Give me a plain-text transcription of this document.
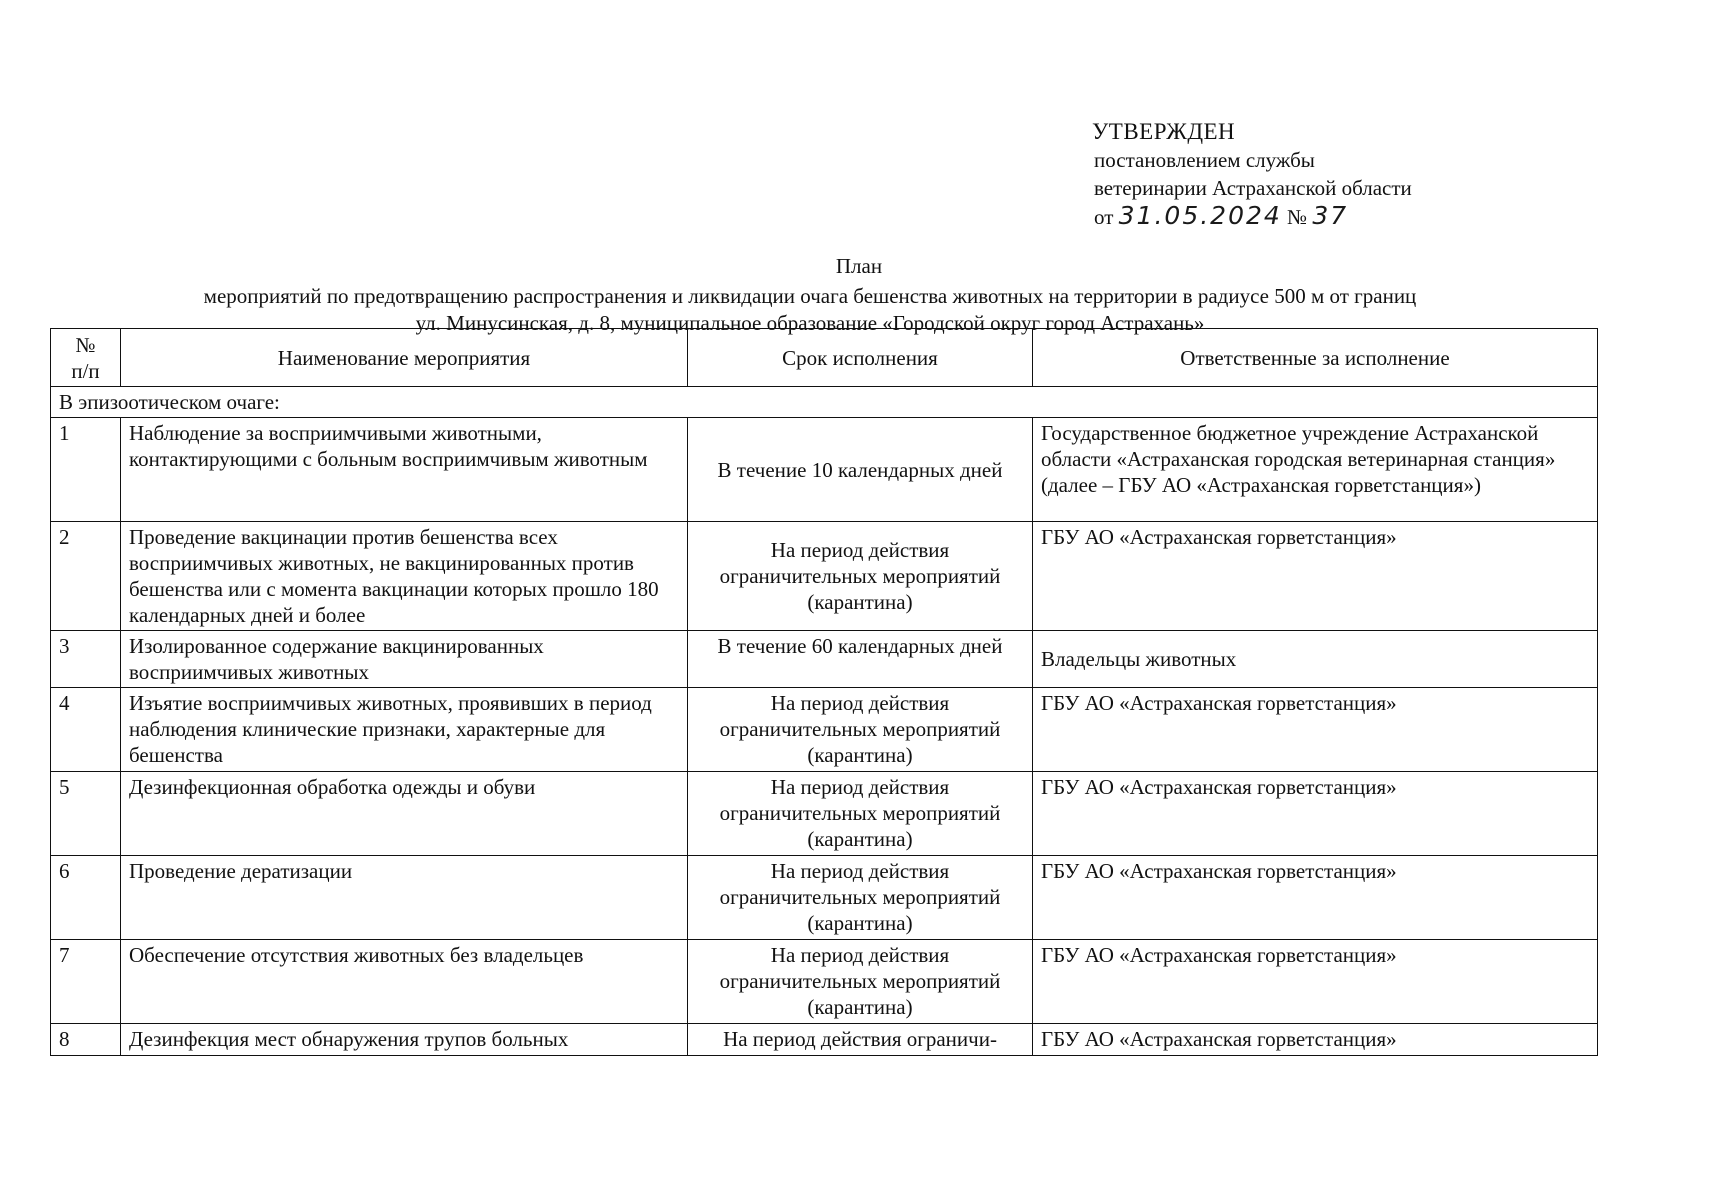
УТВЕРЖДЕН
постановлением службы
ветеринарии Астраханской области
от 31.05.2024 № 37
План
мероприятий по предотвращению распространения и ликвидации очага бешенства животных на территории в радиусе 500 м от границ
ул. Минусинская, д. 8, муниципальное образование «Городской округ город Астрахань»
№
п/п	Наименование мероприятия	Срок исполнения	Ответственные за исполнение
В эпизоотическом очаге:			
1	Наблюдение за восприимчивыми животными, контактирующими с больным восприимчивым животным	В течение 10 календарных дней	Государственное бюджетное учреждение Астраханской области «Астраханская городская ветеринарная станция» (далее – ГБУ АО «Астраханская горветстанция»)
2	Проведение вакцинации против бешенства всех восприимчивых животных, не вакцинированных против бешенства или с момента вакцинации которых прошло 180 календарных дней и более	На период действия ограничительных мероприятий (карантина)	ГБУ АО «Астраханская горветстанция»
3	Изолированное содержание вакцинированных восприимчивых животных	В течение 60 календарных дней	Владельцы животных
4	Изъятие восприимчивых животных, проявивших в период наблюдения клинические признаки, характерные для бешенства	На период действия ограничительных мероприятий (карантина)	ГБУ АО «Астраханская горветстанция»
5	Дезинфекционная обработка одежды и обуви	На период действия ограничительных мероприятий (карантина)	ГБУ АО «Астраханская горветстанция»
6	Проведение дератизации	На период действия ограничительных мероприятий (карантина)	ГБУ АО «Астраханская горветстанция»
7	Обеспечение отсутствия животных без владельцев	На период действия ограничительных мероприятий (карантина)	ГБУ АО «Астраханская горветстанция»
8	Дезинфекция мест обнаружения трупов больных	На период действия ограничи-	ГБУ АО «Астраханская горветстанция»
